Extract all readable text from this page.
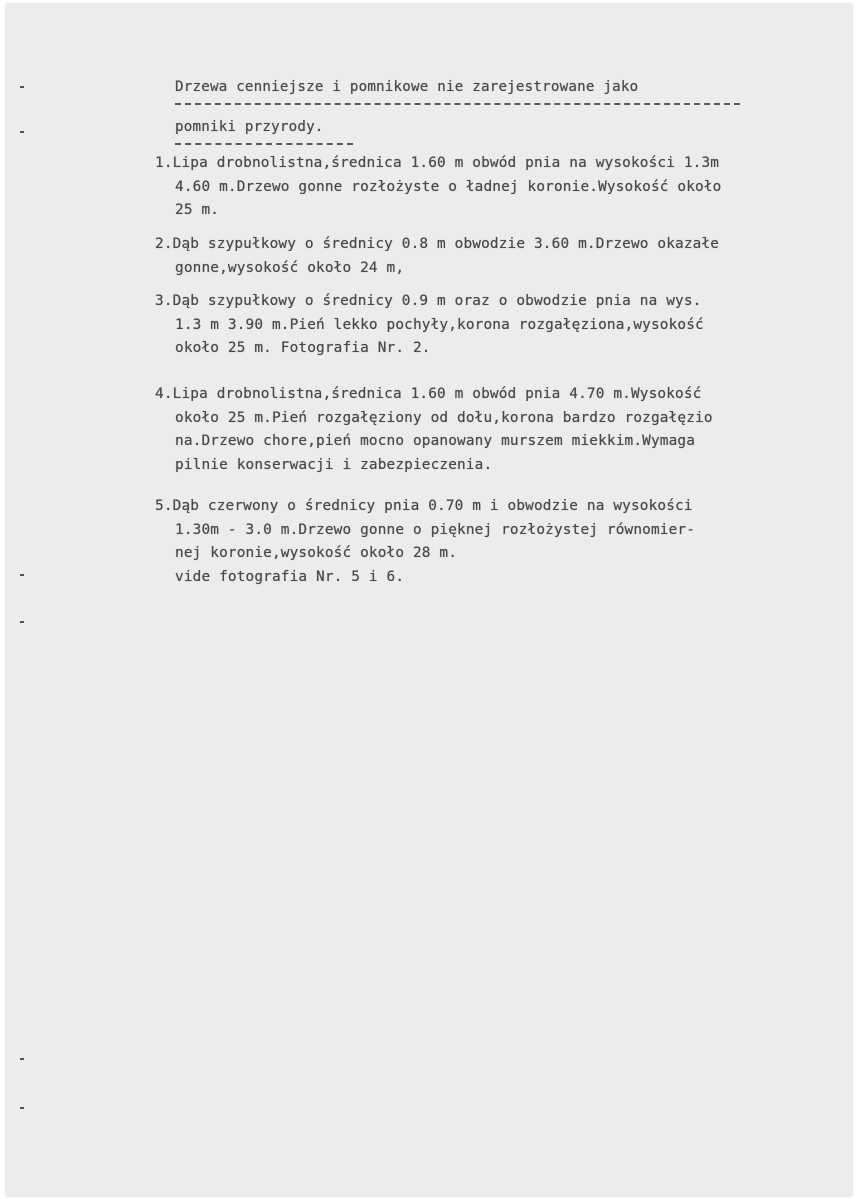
Drzewa cenniejsze i pomnikowe nie zarejestrowane jako
pomniki przyrody.
1.Lipa drobnolistna,średnica 1.60 m obwód pnia na wysokości 1.3m
4.60 m.Drzewo gonne rozłożyste o ładnej koronie.Wysokość około
25 m.
2.Dąb szypułkowy o średnicy 0.8 m obwodzie 3.60 m.Drzewo okazałe
gonne,wysokość około 24 m,
3.Dąb szypułkowy o średnicy 0.9 m oraz o obwodzie pnia na wys.
1.3 m 3.90 m.Pień lekko pochyły,korona rozgałęziona,wysokość
około 25 m. Fotografia Nr. 2.
4.Lipa drobnolistna,średnica 1.60 m obwód pnia 4.70 m.Wysokość
około 25 m.Pień rozgałęziony od dołu,korona bardzo rozgałęzio
na.Drzewo chore,pień mocno opanowany murszem miekkim.Wymaga
pilnie konserwacji i zabezpieczenia.
5.Dąb czerwony o średnicy pnia 0.70 m i obwodzie na wysokości
1.30m - 3.0 m.Drzewo gonne o pięknej rozłożystej równomier-
nej koronie,wysokość około 28 m.
vide fotografia Nr. 5 i 6.
